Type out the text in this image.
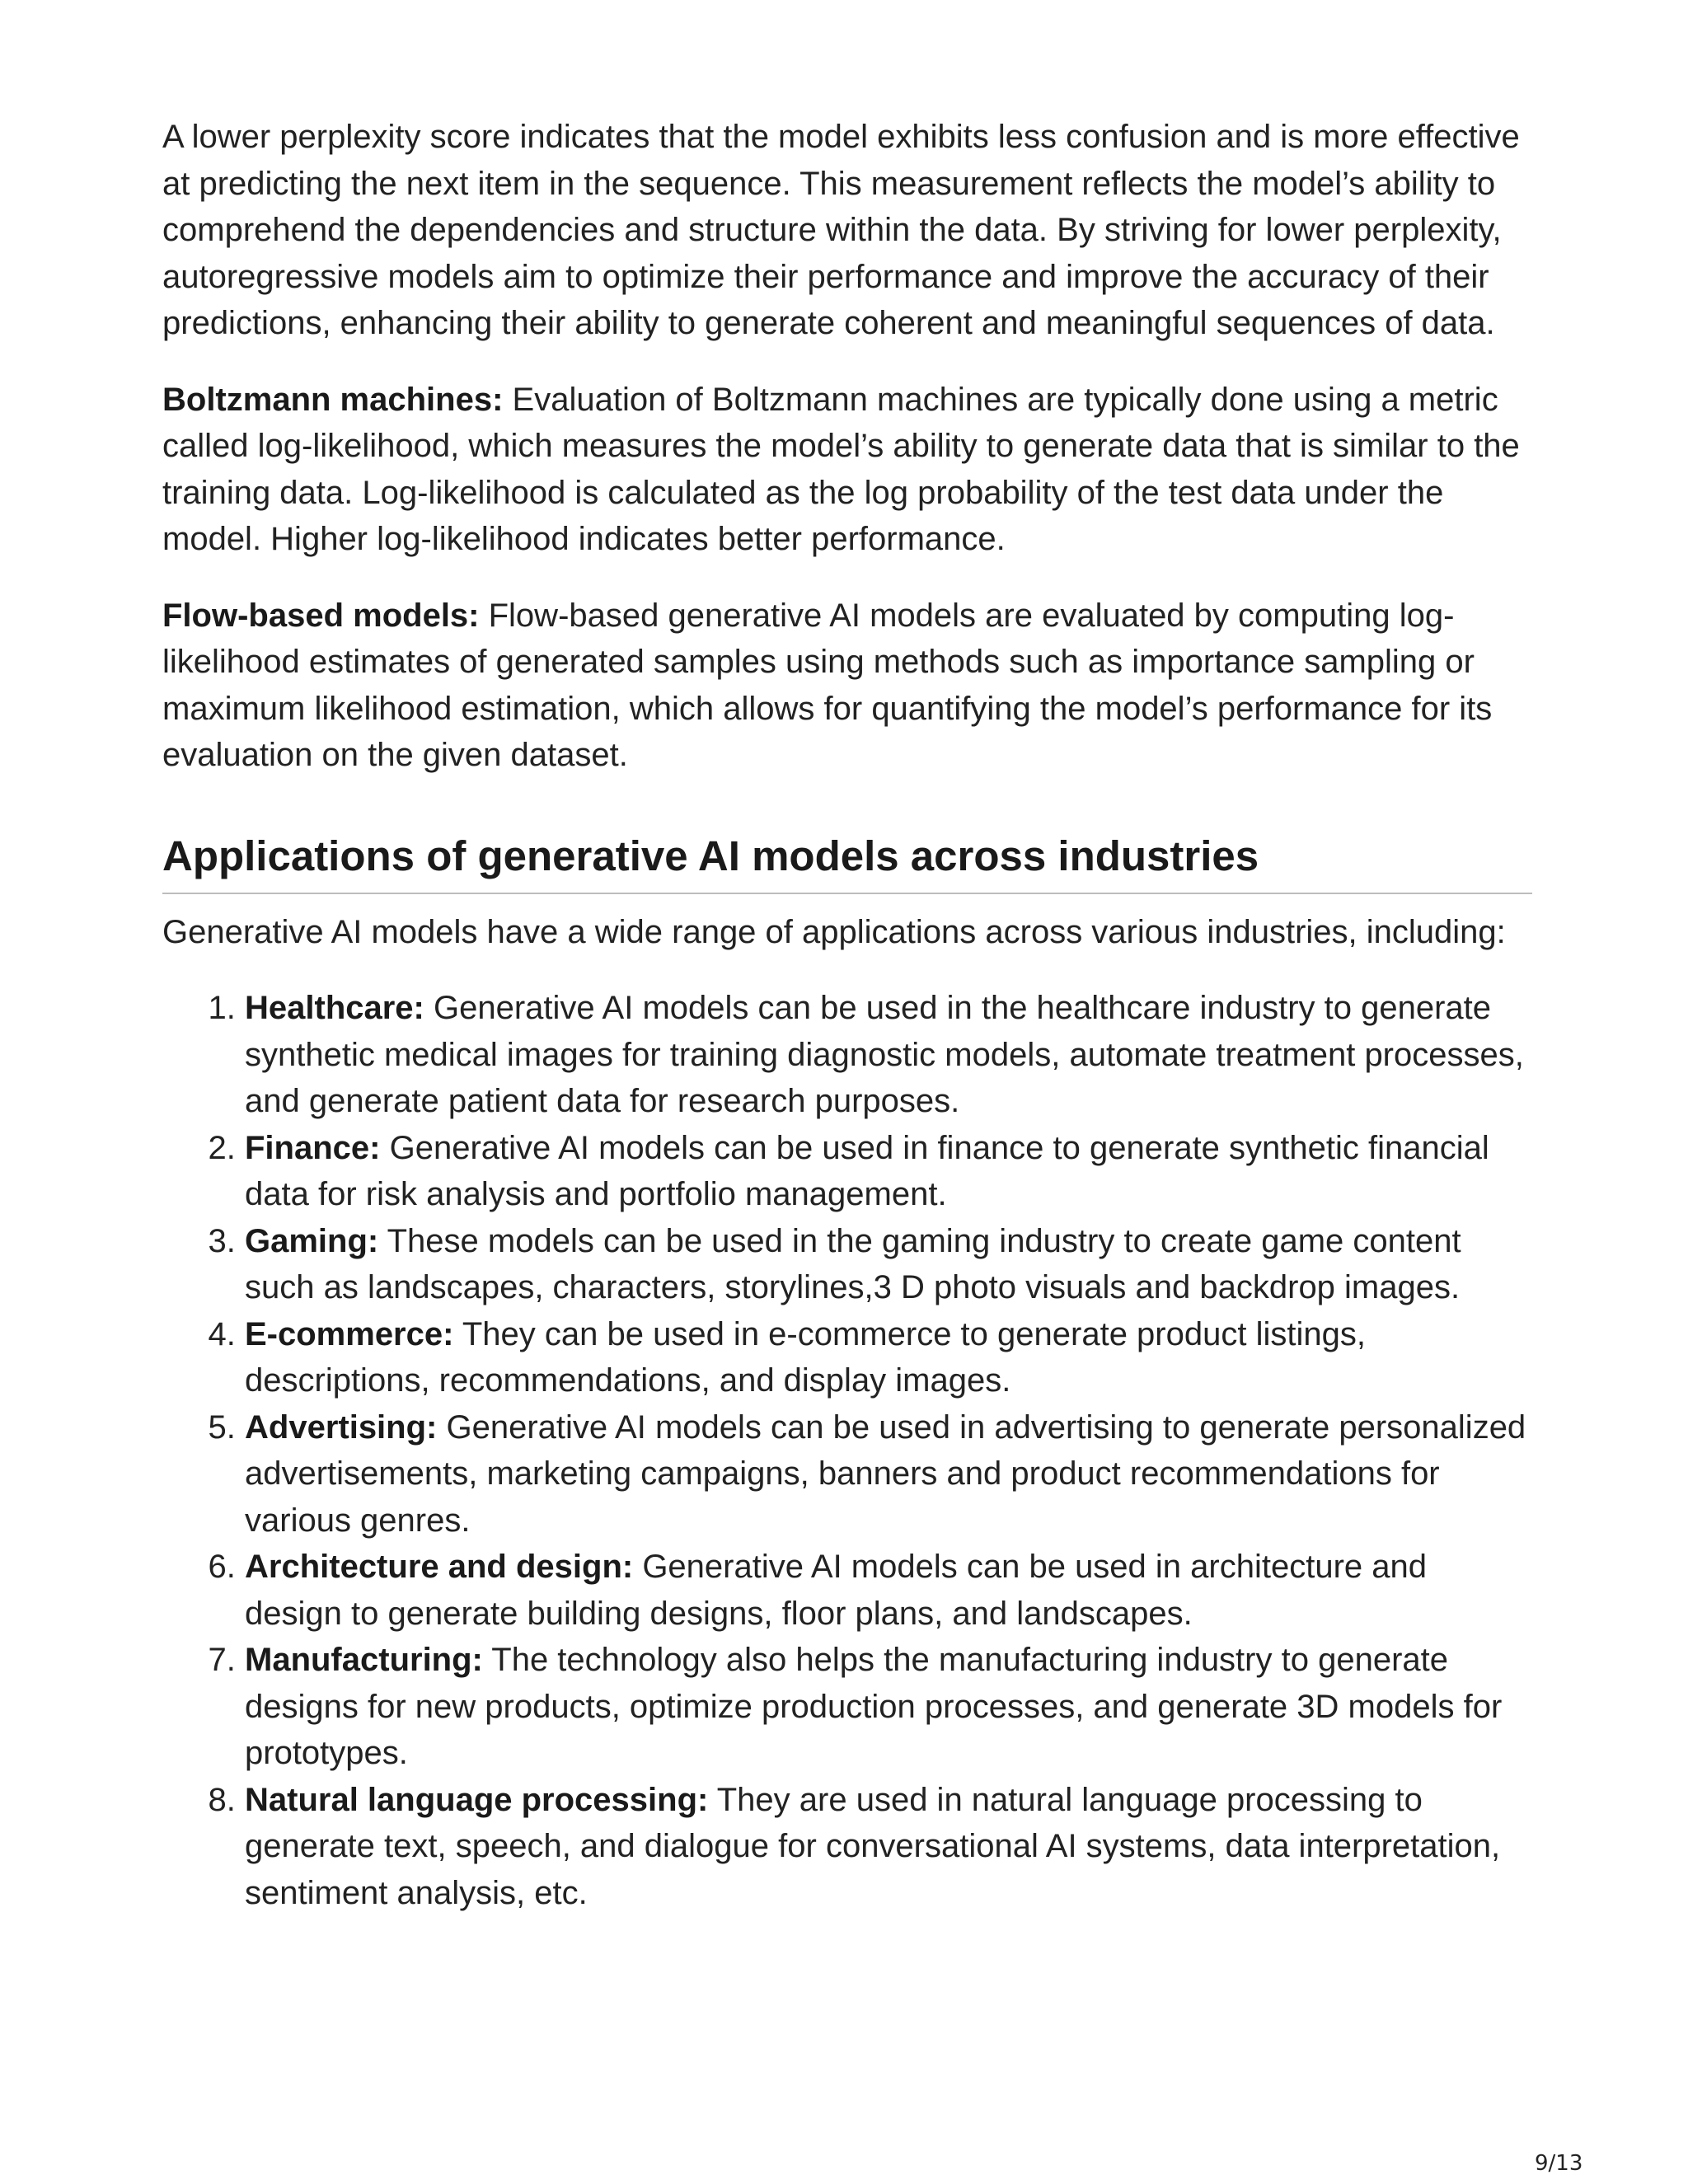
A lower perplexity score indicates that the model exhibits less confusion and is more effective at predicting the next item in the sequence. This measurement reflects the model’s ability to comprehend the dependencies and structure within the data. By striving for lower perplexity, autoregressive models aim to optimize their performance and improve the accuracy of their predictions, enhancing their ability to generate coherent and meaningful sequences of data.

Boltzmann machines: Evaluation of Boltzmann machines are typically done using a metric called log-likelihood, which measures the model’s ability to generate data that is similar to the training data. Log-likelihood is calculated as the log probability of the test data under the model. Higher log-likelihood indicates better performance.

Flow-based models: Flow-based generative AI models are evaluated by computing log-likelihood estimates of generated samples using methods such as importance sampling or maximum likelihood estimation, which allows for quantifying the model’s performance for its evaluation on the given dataset.

Applications of generative AI models across industries

Generative AI models have a wide range of applications across various industries, including:

1. Healthcare: Generative AI models can be used in the healthcare industry to generate synthetic medical images for training diagnostic models, automate treatment processes, and generate patient data for research purposes.
2. Finance: Generative AI models can be used in finance to generate synthetic financial data for risk analysis and portfolio management.
3. Gaming: These models can be used in the gaming industry to create game content such as landscapes, characters, storylines,3 D photo visuals and backdrop images.
4. E-commerce: They can be used in e-commerce to generate product listings, descriptions, recommendations, and display images.
5. Advertising: Generative AI models can be used in advertising to generate personalized advertisements, marketing campaigns, banners and product recommendations for various genres.
6. Architecture and design: Generative AI models can be used in architecture and design to generate building designs, floor plans, and landscapes.
7. Manufacturing: The technology also helps the manufacturing industry to generate designs for new products, optimize production processes, and generate 3D models for prototypes.
8. Natural language processing: They are used in natural language processing to generate text, speech, and dialogue for conversational AI systems, data interpretation, sentiment analysis, etc.
9/13
